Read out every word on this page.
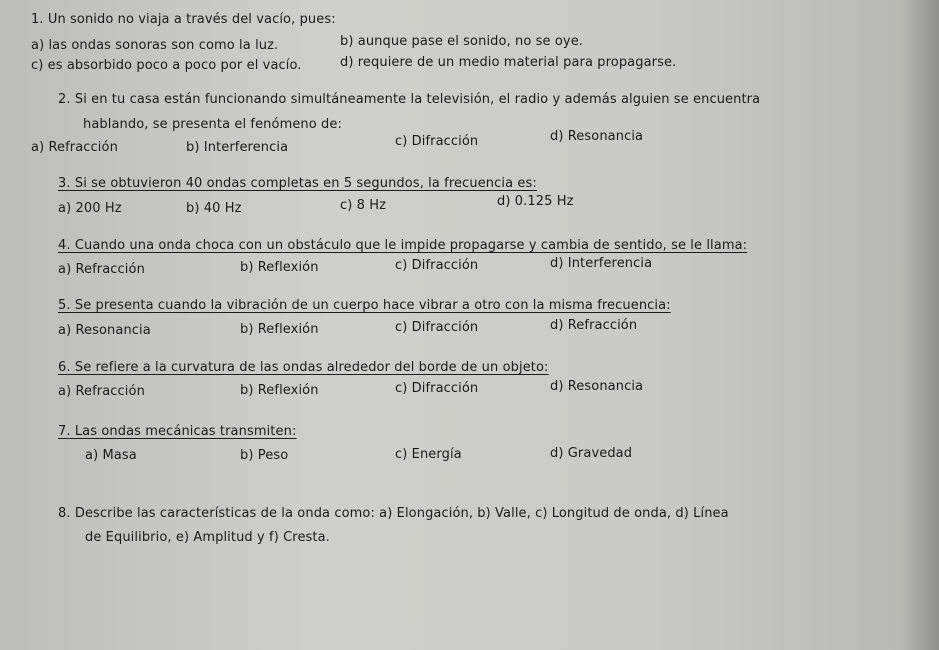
1. Un sonido no viaja a través del vacío, pues:
a) las ondas sonoras son como la luz.	b) aunque pase el sonido, no se oye.
c) es absorbido poco a poco por el vacío.	d) requiere de un medio material para propagarse.
2. Si en tu casa están funcionando simultáneamente la televisión, el radio y además alguien se encuentra
hablando, se presenta el fenómeno de:
a) Refracción	b) Interferencia	c) Difracción	d) Resonancia
3. Si se obtuvieron 40 ondas completas en 5 segundos, la frecuencia es:
a) 200 Hz	b) 40 Hz	c) 8 Hz	d) 0.125 Hz
4. Cuando una onda choca con un obstáculo que le impide propagarse y cambia de sentido, se le llama:
a) Refracción	b) Reflexión	c) Difracción	d) Interferencia
5. Se presenta cuando la vibración de un cuerpo hace vibrar a otro con la misma frecuencia:
a) Resonancia	b) Reflexión	c) Difracción	d) Refracción
6. Se refiere a la curvatura de las ondas alrededor del borde de un objeto:
a) Refracción	b) Reflexión	c) Difracción	d) Resonancia
7. Las ondas mecánicas transmiten:
a) Masa	b) Peso	c) Energía	d) Gravedad
8. Describe las características de la onda como: a) Elongación, b) Valle, c) Longitud de onda, d) Línea
de Equilibrio, e) Amplitud y f) Cresta.
